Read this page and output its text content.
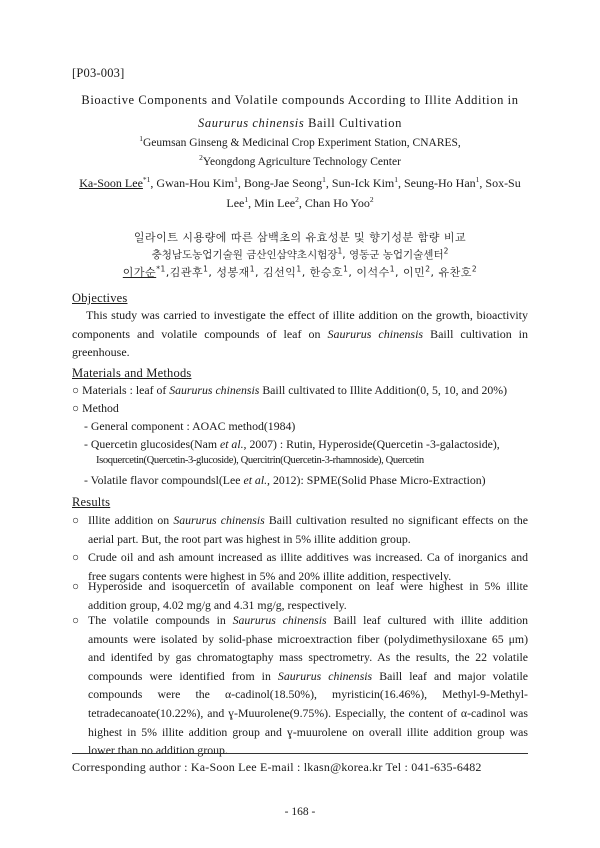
[P03-003]
Bioactive Components and Volatile compounds According to Illite Addition in
Saururus chinensis Baill Cultivation
$^1$Geumsan Ginseng & Medicinal Crop Experiment Station, CNARES,
$^2$Yeongdong Agriculture Technology Center
Ka-Soon Lee$^{*1}$, Gwan-Hou Kim$^1$, Bong-Jae Seong$^1$, Sun-Ick Kim$^1$, Seung-Ho Han$^1$, Sox-Su
Lee$^1$, Min Lee$^2$, Chan Ho Yoo$^2$
일라이트 시용량에 따른 삼백초의 유효성분 및 향기성분 함량 비교
충청남도농업기술원 금산인삼약초시험장$^1$, 영동군 농업기술센터$^2$
이가순$^{*1}$,김관후$^1$, 성봉재$^1$, 김선익$^1$, 한승호$^1$, 이석수$^1$, 이민$^2$, 유찬호$^2$
Objectives
This study was carried to investigate the effect of illite addition on the growth, bioactivity components and volatile compounds of leaf on Saururus chinensis Baill cultivation in greenhouse.
Materials and Methods
○ Materials : leaf of Saururus chinensis Baill cultivated to Illite Addition(0, 5, 10, and 20%)
○ Method
- General component : AOAC method(1984)
- Quercetin glucosides(Nam et al., 2007) : Rutin, Hyperoside(Quercetin -3-galactoside),
Isoquercetin(Quercetin-3-glucoside), Quercitrin(Quercetin-3-rhamnoside), Quercetin
- Volatile flavor compoundsl(Lee et al., 2012): SPME(Solid Phase Micro-Extraction)
Results
○ Illite addition on Saururus chinensis Baill cultivation resulted no significant effects on the aerial part. But, the root part was highest in 5% illite addition group.
○ Crude oil and ash amount increased as illite additives was increased. Ca of inorganics and free sugars contents were highest in 5% and 20% illite addition, respectively.
○ Hyperoside and isoquercetin of available component on leaf were highest in 5% illite addition group, 4.02 mg/g and 4.31 mg/g, respectively.
○ The volatile compounds in Saururus chinensis Baill leaf cultured with illite addition amounts were isolated by solid-phase microextraction fiber (polydimethysiloxane 65 μm) and identifed by gas chromatogtaphy mass spectrometry. As the results, the 22 volatile compounds were identified from in Saururus chinensis Baill leaf and major volatile compounds were the α-cadinol(18.50%), myristicin(16.46%), Methyl-9-Methyl-tetradecanoate(10.22%), and ɣ-Muurolene(9.75%). Especially, the content of α-cadinol was highest in 5% illite addition group and ɣ-muurolene on overall illite addition group was lower than no addition group.
Corresponding author : Ka-Soon Lee E-mail : lkasn@korea.kr Tel : 041-635-6482
- 168 -
